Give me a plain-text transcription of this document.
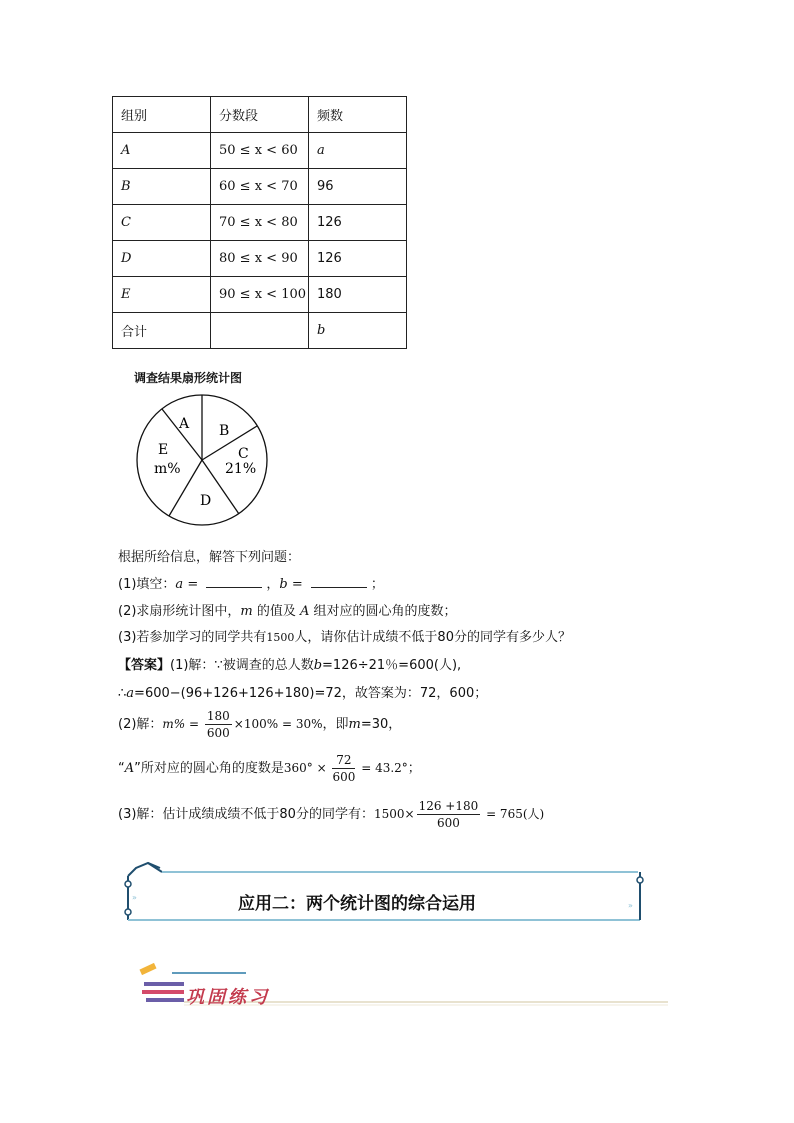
组别	分数段	频数
A	50 ≤ x < 60	a
B	60 ≤ x < 70	96
C	70 ≤ x < 80	126
D	80 ≤ x < 90	126
E	90 ≤ x < 100	180
合计		b
调查结果扇形统计图
A B
C
21%
E
m%
D
根据所给信息，解答下列问题：
(1)填空：a =	，b =	；
(2)求扇形统计图中，m 的值及 A 组对应的圆心角的度数；
(3)若参加学习的同学共有1500人，请你估计成绩不低于80分的同学有多少人？
【答案】(1)解：∵被调查的总人数b=126÷21％=600(人),
∴a=600−(96+126+126+180)=72，故答案为：72，600；
(2)解：$m\% = \frac{180}{600} \times 100\% = 30\%$，即m=30，
“A”所对应的圆心角的度数是$360^\circ \times \frac{72}{600} = 43.2^\circ$；
(3)解：估计成绩成绩不低于80分的同学有：$1500\times \frac{126 +180}{600} = 765$(人)
»
»
应用二：两个统计图的综合运用
巩固练习
